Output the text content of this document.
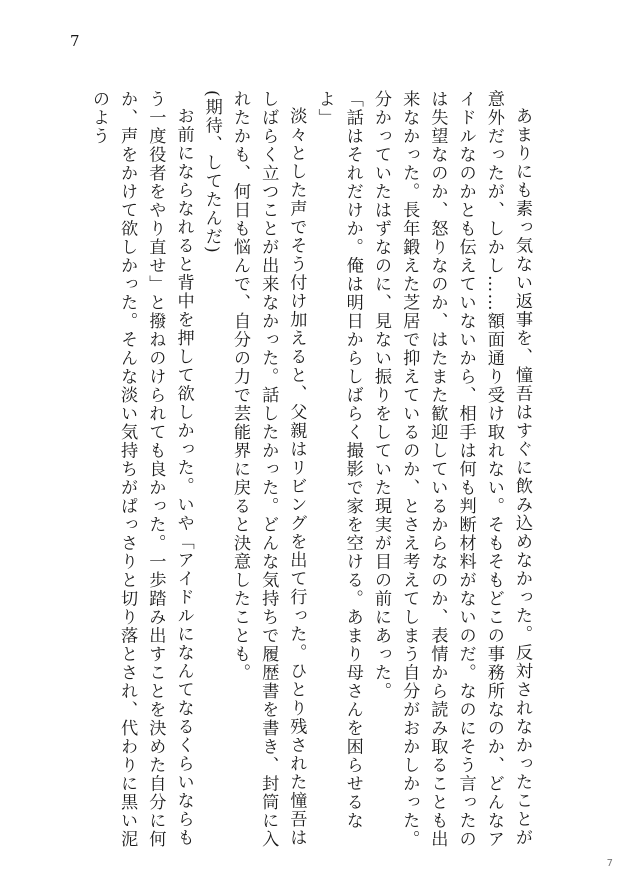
7

あまりにも素っ気ない返事を、憧吾はすぐに飲み込めなかった。反対されなかったことが意外だったが、しかし……額面通り受け取れない。そもそもどこの事務所なのか、どんなアイドルなのかとも伝えていないから、相手は何も判断材料がないのだ。なのにそう言ったのは失望なのか、怒りなのか、はたまた歓迎しているからなのか、表情から読み取ることも出来なかった。長年鍛えた芝居で抑えているのか、とさえ考えてしまう自分がおかしかった。分かっていたはずなのに、見ない振りをしていた現実が目の前にあった。

「話はそれだけか。俺は明日からしばらく撮影で家を空ける。あまり母さんを困らせるなよ」

淡々とした声でそう付け加えると、父親はリビングを出て行った。ひとり残された憧吾はしばらく立つことが出来なかった。話したかった。どんな気持ちで履歴書を書き、封筒に入れたかも、何日も悩んで、自分の力で芸能界に戻ると決意したことも。

(期待、してたんだ)

お前にならなれると背中を押して欲しかった。いや「アイドルになんてなるくらいならもう一度役者をやり直せ」と撥ねのけられても良かった。一歩踏み出すことを決めた自分に何か、声をかけて欲しかった。そんな淡い気持ちがぱっさりと切り落とされ、代わりに黒い泥のよう

7
